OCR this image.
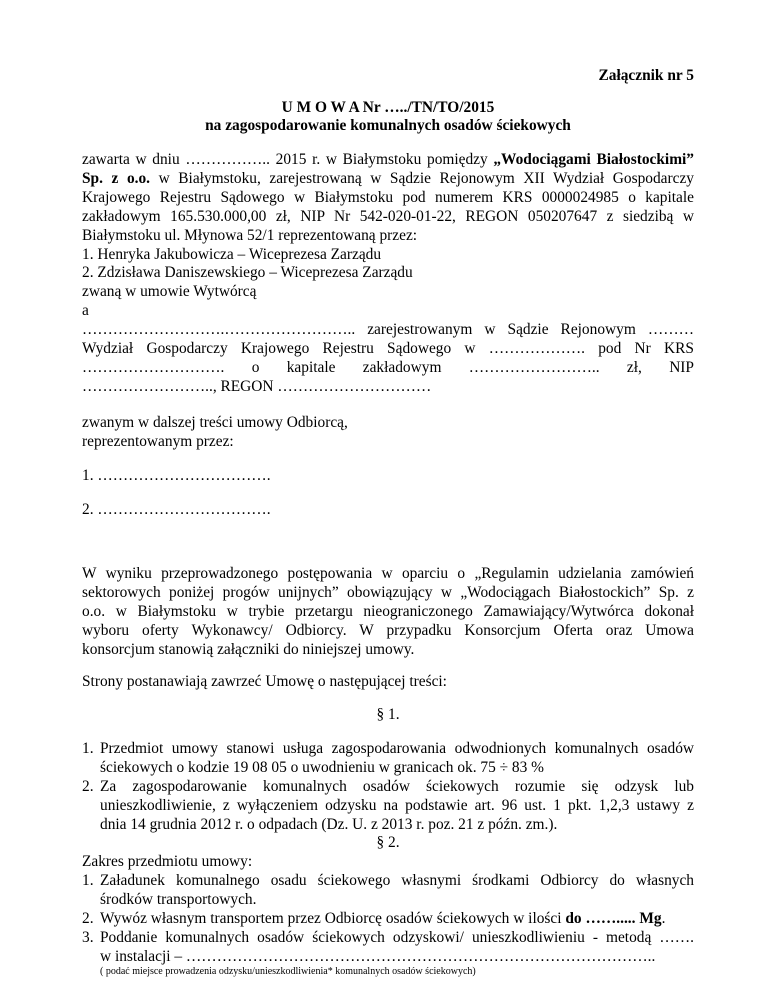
Załącznik nr 5
U M O W A Nr …../TN/TO/2015
na zagospodarowanie komunalnych osadów ściekowych
zawarta w dniu …………….. 2015 r. w Białymstoku pomiędzy „Wodociągami Białostockimi”
Sp. z o.o. w Białymstoku, zarejestrowaną w Sądzie Rejonowym XII Wydział Gospodarczy
Krajowego Rejestru Sądowego w Białymstoku pod numerem KRS 0000024985 o kapitale
zakładowym 165.530.000,00 zł, NIP Nr 542-020-01-22, REGON 050207647 z siedzibą w
Białymstoku ul. Młynowa 52/1 reprezentowaną przez:
1. Henryka Jakubowicza – Wiceprezesa Zarządu
2. Zdzisława Daniszewskiego – Wiceprezesa Zarządu
zwaną w umowie Wytwórcą
a
……………………….…………………….. zarejestrowanym w Sądzie Rejonowym ………
Wydział Gospodarczy Krajowego Rejestru Sądowego w ………………. pod Nr KRS
………………………. o kapitale zakładowym …………………….. zł, NIP
…………………….., REGON …………………………
zwanym w dalszej treści umowy Odbiorcą,
reprezentowanym przez:
1. …………………………….
2. …………………………….
W wyniku przeprowadzonego postępowania w oparciu o „Regulamin udzielania zamówień
sektorowych poniżej progów unijnych” obowiązujący w „Wodociągach Białostockich” Sp. z
o.o. w Białymstoku w trybie przetargu nieograniczonego Zamawiający/Wytwórca dokonał
wyboru oferty Wykonawcy/ Odbiorcy. W przypadku Konsorcjum Oferta oraz Umowa
konsorcjum stanowią załączniki do niniejszej umowy.
Strony postanawiają zawrzeć Umowę o następującej treści:
§ 1.
1. Przedmiot umowy stanowi usługa zagospodarowania odwodnionych komunalnych osadów
ściekowych o kodzie 19 08 05 o uwodnieniu w granicach ok. 75 ÷ 83 %
2. Za zagospodarowanie komunalnych osadów ściekowych rozumie się odzysk lub
unieszkodliwienie, z wyłączeniem odzysku na podstawie art. 96 ust. 1 pkt. 1,2,3 ustawy z
dnia 14 grudnia 2012 r. o odpadach (Dz. U. z 2013 r. poz. 21 z późn. zm.).
§ 2.
Zakres przedmiotu umowy:
1. Załadunek komunalnego osadu ściekowego własnymi środkami Odbiorcy do własnych
środków transportowych.
2. Wywóz własnym transportem przez Odbiorcę osadów ściekowych w ilości do ……..... Mg.
3. Poddanie komunalnych osadów ściekowych odzyskowi/ unieszkodliwieniu - metodą …….
w instalacji – ………………………………………………………………………………..
( podać miejsce prowadzenia odzysku/unieszkodliwienia* komunalnych osadów ściekowych)
